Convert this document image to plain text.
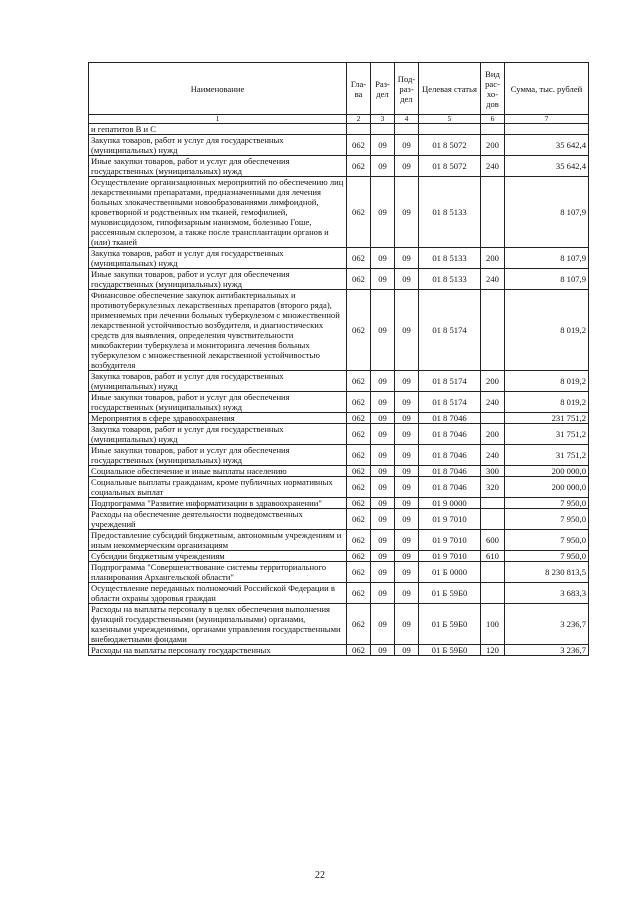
Наименование	Гла-ва	Раз-дел	Под-раз-дел	Целевая статья	Вид рас-хо-дов	Сумма, тыс. рублей
1	2	3	4	5	6	7
и гепатитов В и С						
Закупка товаров, работ и услуг для государственных (муниципальных) нужд	062	09	09	01 8 5072	200	35 642,4
Иные закупки товаров, работ и услуг для обеспечения государственных (муниципальных) нужд	062	09	09	01 8 5072	240	35 642,4
Осуществление организационных мероприятий по обеспечению лиц лекарственными препаратами, предназначенными для лечения больных злокачественными новообразованиями лимфоидной, кроветворной и родственных им тканей, гемофилией, муковисцидозом, гипофизарным нанизмом, болезнью Гоше, рассеянным склерозом, а также после трансплантации органов и (или) тканей	062	09	09	01 8 5133		8 107,9
Закупка товаров, работ и услуг для государственных (муниципальных) нужд	062	09	09	01 8 5133	200	8 107,9
Иные закупки товаров, работ и услуг для обеспечения государственных (муниципальных) нужд	062	09	09	01 8 5133	240	8 107,9
Финансовое обеспечение закупок антибактериальных и противотуберкулезных лекарственных препаратов (второго ряда), применяемых при лечении больных туберкулезом с множественной лекарственной устойчивостью возбудителя, и диагностических средств для выявления, определения чувствительности микобактерии туберкулеза и мониторинга лечения больных туберкулезом с множественной лекарственной устойчивостью возбудителя	062	09	09	01 8 5174		8 019,2
Закупка товаров, работ и услуг для государственных (муниципальных) нужд	062	09	09	01 8 5174	200	8 019,2
Иные закупки товаров, работ и услуг для обеспечения государственных (муниципальных) нужд	062	09	09	01 8 5174	240	8 019,2
Мероприятия в сфере здравоохранения	062	09	09	01 8 7046		231 751,2
Закупка товаров, работ и услуг для государственных (муниципальных) нужд	062	09	09	01 8 7046	200	31 751,2
Иные закупки товаров, работ и услуг для обеспечения государственных (муниципальных) нужд	062	09	09	01 8 7046	240	31 751,2
Социальное обеспечение и иные выплаты населению	062	09	09	01 8 7046	300	200 000,0
Социальные выплаты гражданам, кроме публичных нормативных социальных выплат	062	09	09	01 8 7046	320	200 000,0
Подпрограмма "Развитие информатизации в здравоохранении"	062	09	09	01 9 0000		7 950,0
Расходы на обеспечение деятельности подведомственных учреждений	062	09	09	01 9 7010		7 950,0
Предоставление субсидий бюджетным, автономным учреждениям и иным некоммерческим организациям	062	09	09	01 9 7010	600	7 950,0
Субсидии бюджетным учреждениям	062	09	09	01 9 7010	610	7 950,0
Подпрограмма "Совершенствование системы территориального планирования Архангельской области"	062	09	09	01 Б 0000		8 230 813,5
Осуществление переданных полномочий Российской Федерации в области охраны здоровья граждан	062	09	09	01 Б 59Б0		3 683,3
Расходы на выплаты персоналу в целях обеспечения выполнения функций государственными (муниципальными) органами, казенными учреждениями, органами управления государственными внебюджетными фондами	062	09	09	01 Б 59Б0	100	3 236,7
Расходы на выплаты персоналу государственных	062	09	09	01 Б 59Б0	120	3 236,7
22
